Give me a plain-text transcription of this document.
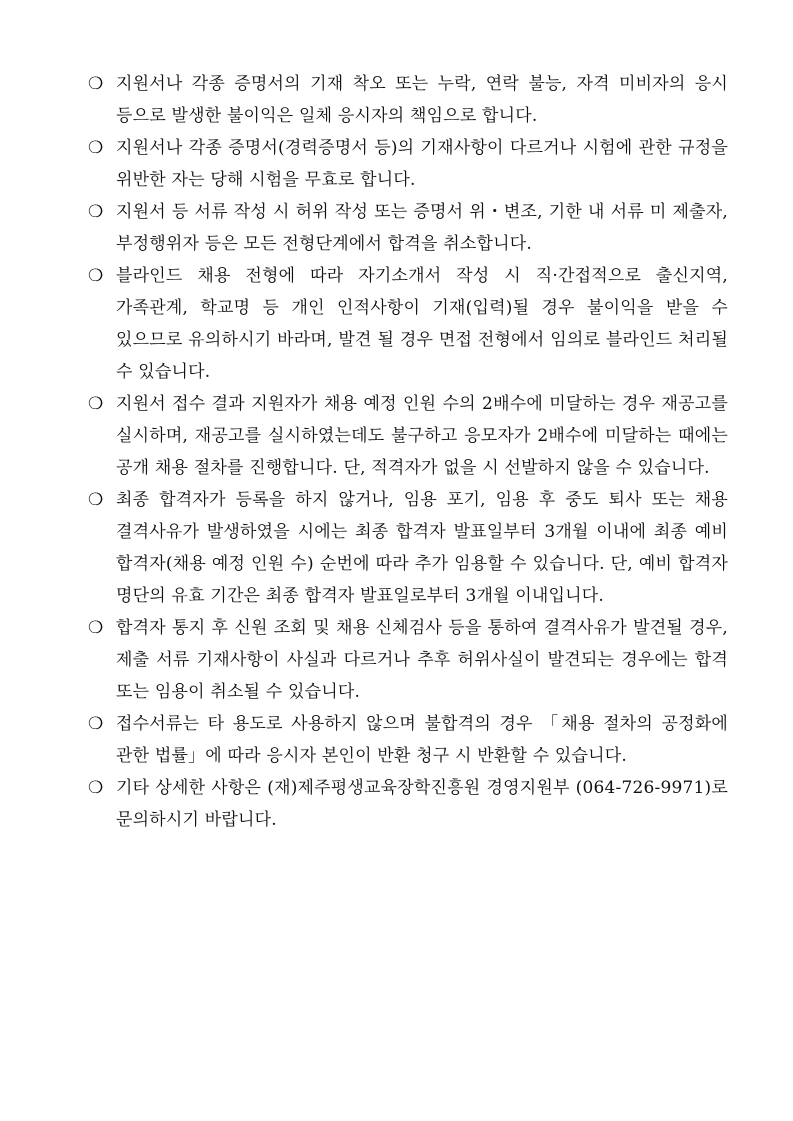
❍ 지원서나 각종 증명서의 기재 착오 또는 누락, 연락 불능, 자격 미비자의 응시 등으로 발생한 불이익은 일체 응시자의 책임으로 합니다.
❍ 지원서나 각종 증명서(경력증명서 등)의 기재사항이 다르거나 시험에 관한 규정을 위반한 자는 당해 시험을 무효로 합니다.
❍ 지원서 등 서류 작성 시 허위 작성 또는 증명서 위・변조, 기한 내 서류 미 제출자, 부정행위자 등은 모든 전형단계에서 합격을 취소합니다.
❍ 블라인드 채용 전형에 따라 자기소개서 작성 시 직·간접적으로 출신지역, 가족관계, 학교명 등 개인 인적사항이 기재(입력)될 경우 불이익을 받을 수 있으므로 유의하시기 바라며, 발견 될 경우 면접 전형에서 임의로 블라인드 처리될 수 있습니다.
❍ 지원서 접수 결과 지원자가 채용 예정 인원 수의 2배수에 미달하는 경우 재공고를 실시하며, 재공고를 실시하였는데도 불구하고 응모자가 2배수에 미달하는 때에는 공개 채용 절차를 진행합니다. 단, 적격자가 없을 시 선발하지 않을 수 있습니다.
❍ 최종 합격자가 등록을 하지 않거나, 임용 포기, 임용 후 중도 퇴사 또는 채용 결격사유가 발생하였을 시에는 최종 합격자 발표일부터 3개월 이내에 최종 예비 합격자(채용 예정 인원 수) 순번에 따라 추가 임용할 수 있습니다. 단, 예비 합격자 명단의 유효 기간은 최종 합격자 발표일로부터 3개월 이내입니다.
❍ 합격자 통지 후 신원 조회 및 채용 신체검사 등을 통하여 결격사유가 발견될 경우, 제출 서류 기재사항이 사실과 다르거나 추후 허위사실이 발견되는 경우에는 합격 또는 임용이 취소될 수 있습니다.
❍ 접수서류는 타 용도로 사용하지 않으며 불합격의 경우 「채용 절차의 공정화에 관한 법률」에 따라 응시자 본인이 반환 청구 시 반환할 수 있습니다.
❍ 기타 상세한 사항은 (재)제주평생교육장학진흥원 경영지원부 (064-726-9971)로 문의하시기 바랍니다.
